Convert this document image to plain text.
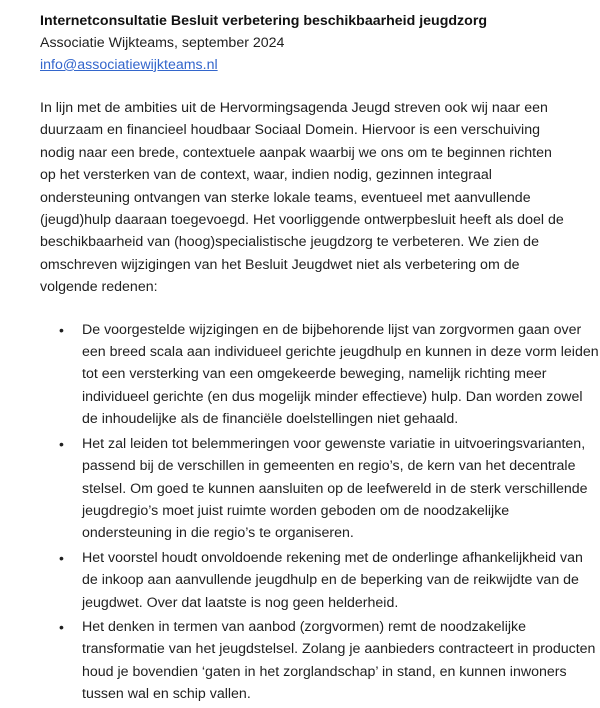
Internetconsultatie Besluit verbetering beschikbaarheid jeugdzorg

Associatie Wijkteams, september 2024

info@associatiewijkteams.nl

In lijn met de ambities uit de Hervormingsagenda Jeugd streven ook wij naar een duurzaam en financieel houdbaar Sociaal Domein. Hiervoor is een verschuiving nodig naar een brede, contextuele aanpak waarbij we ons om te beginnen richten op het versterken van de context, waar, indien nodig, gezinnen integraal ondersteuning ontvangen van sterke lokale teams, eventueel met aanvullende (jeugd)hulp daaraan toegevoegd. Het voorliggende ontwerpbesluit heeft als doel de beschikbaarheid van (hoog)specialistische jeugdzorg te verbeteren. We zien de omschreven wijzigingen van het Besluit Jeugdwet niet als verbetering om de volgende redenen:

• De voorgestelde wijzigingen en de bijbehorende lijst van zorgvormen gaan over een breed scala aan individueel gerichte jeugdhulp en kunnen in deze vorm leiden tot een versterking van een omgekeerde beweging, namelijk richting meer individueel gerichte (en dus mogelijk minder effectieve) hulp. Dan worden zowel de inhoudelijke als de financiële doelstellingen niet gehaald.
• Het zal leiden tot belemmeringen voor gewenste variatie in uitvoeringsvarianten, passend bij de verschillen in gemeenten en regio’s, de kern van het decentrale stelsel. Om goed te kunnen aansluiten op de leefwereld in de sterk verschillende jeugdregio’s moet juist ruimte worden geboden om de noodzakelijke ondersteuning in die regio’s te organiseren.
• Het voorstel houdt onvoldoende rekening met de onderlinge afhankelijkheid van de inkoop aan aanvullende jeugdhulp en de beperking van de reikwijdte van de jeugdwet. Over dat laatste is nog geen helderheid.
• Het denken in termen van aanbod (zorgvormen) remt de noodzakelijke transformatie van het jeugdstelsel. Zolang je aanbieders contracteert in producten houd je bovendien ‘gaten in het zorglandschap’ in stand, en kunnen inwoners tussen wal en schip vallen.
